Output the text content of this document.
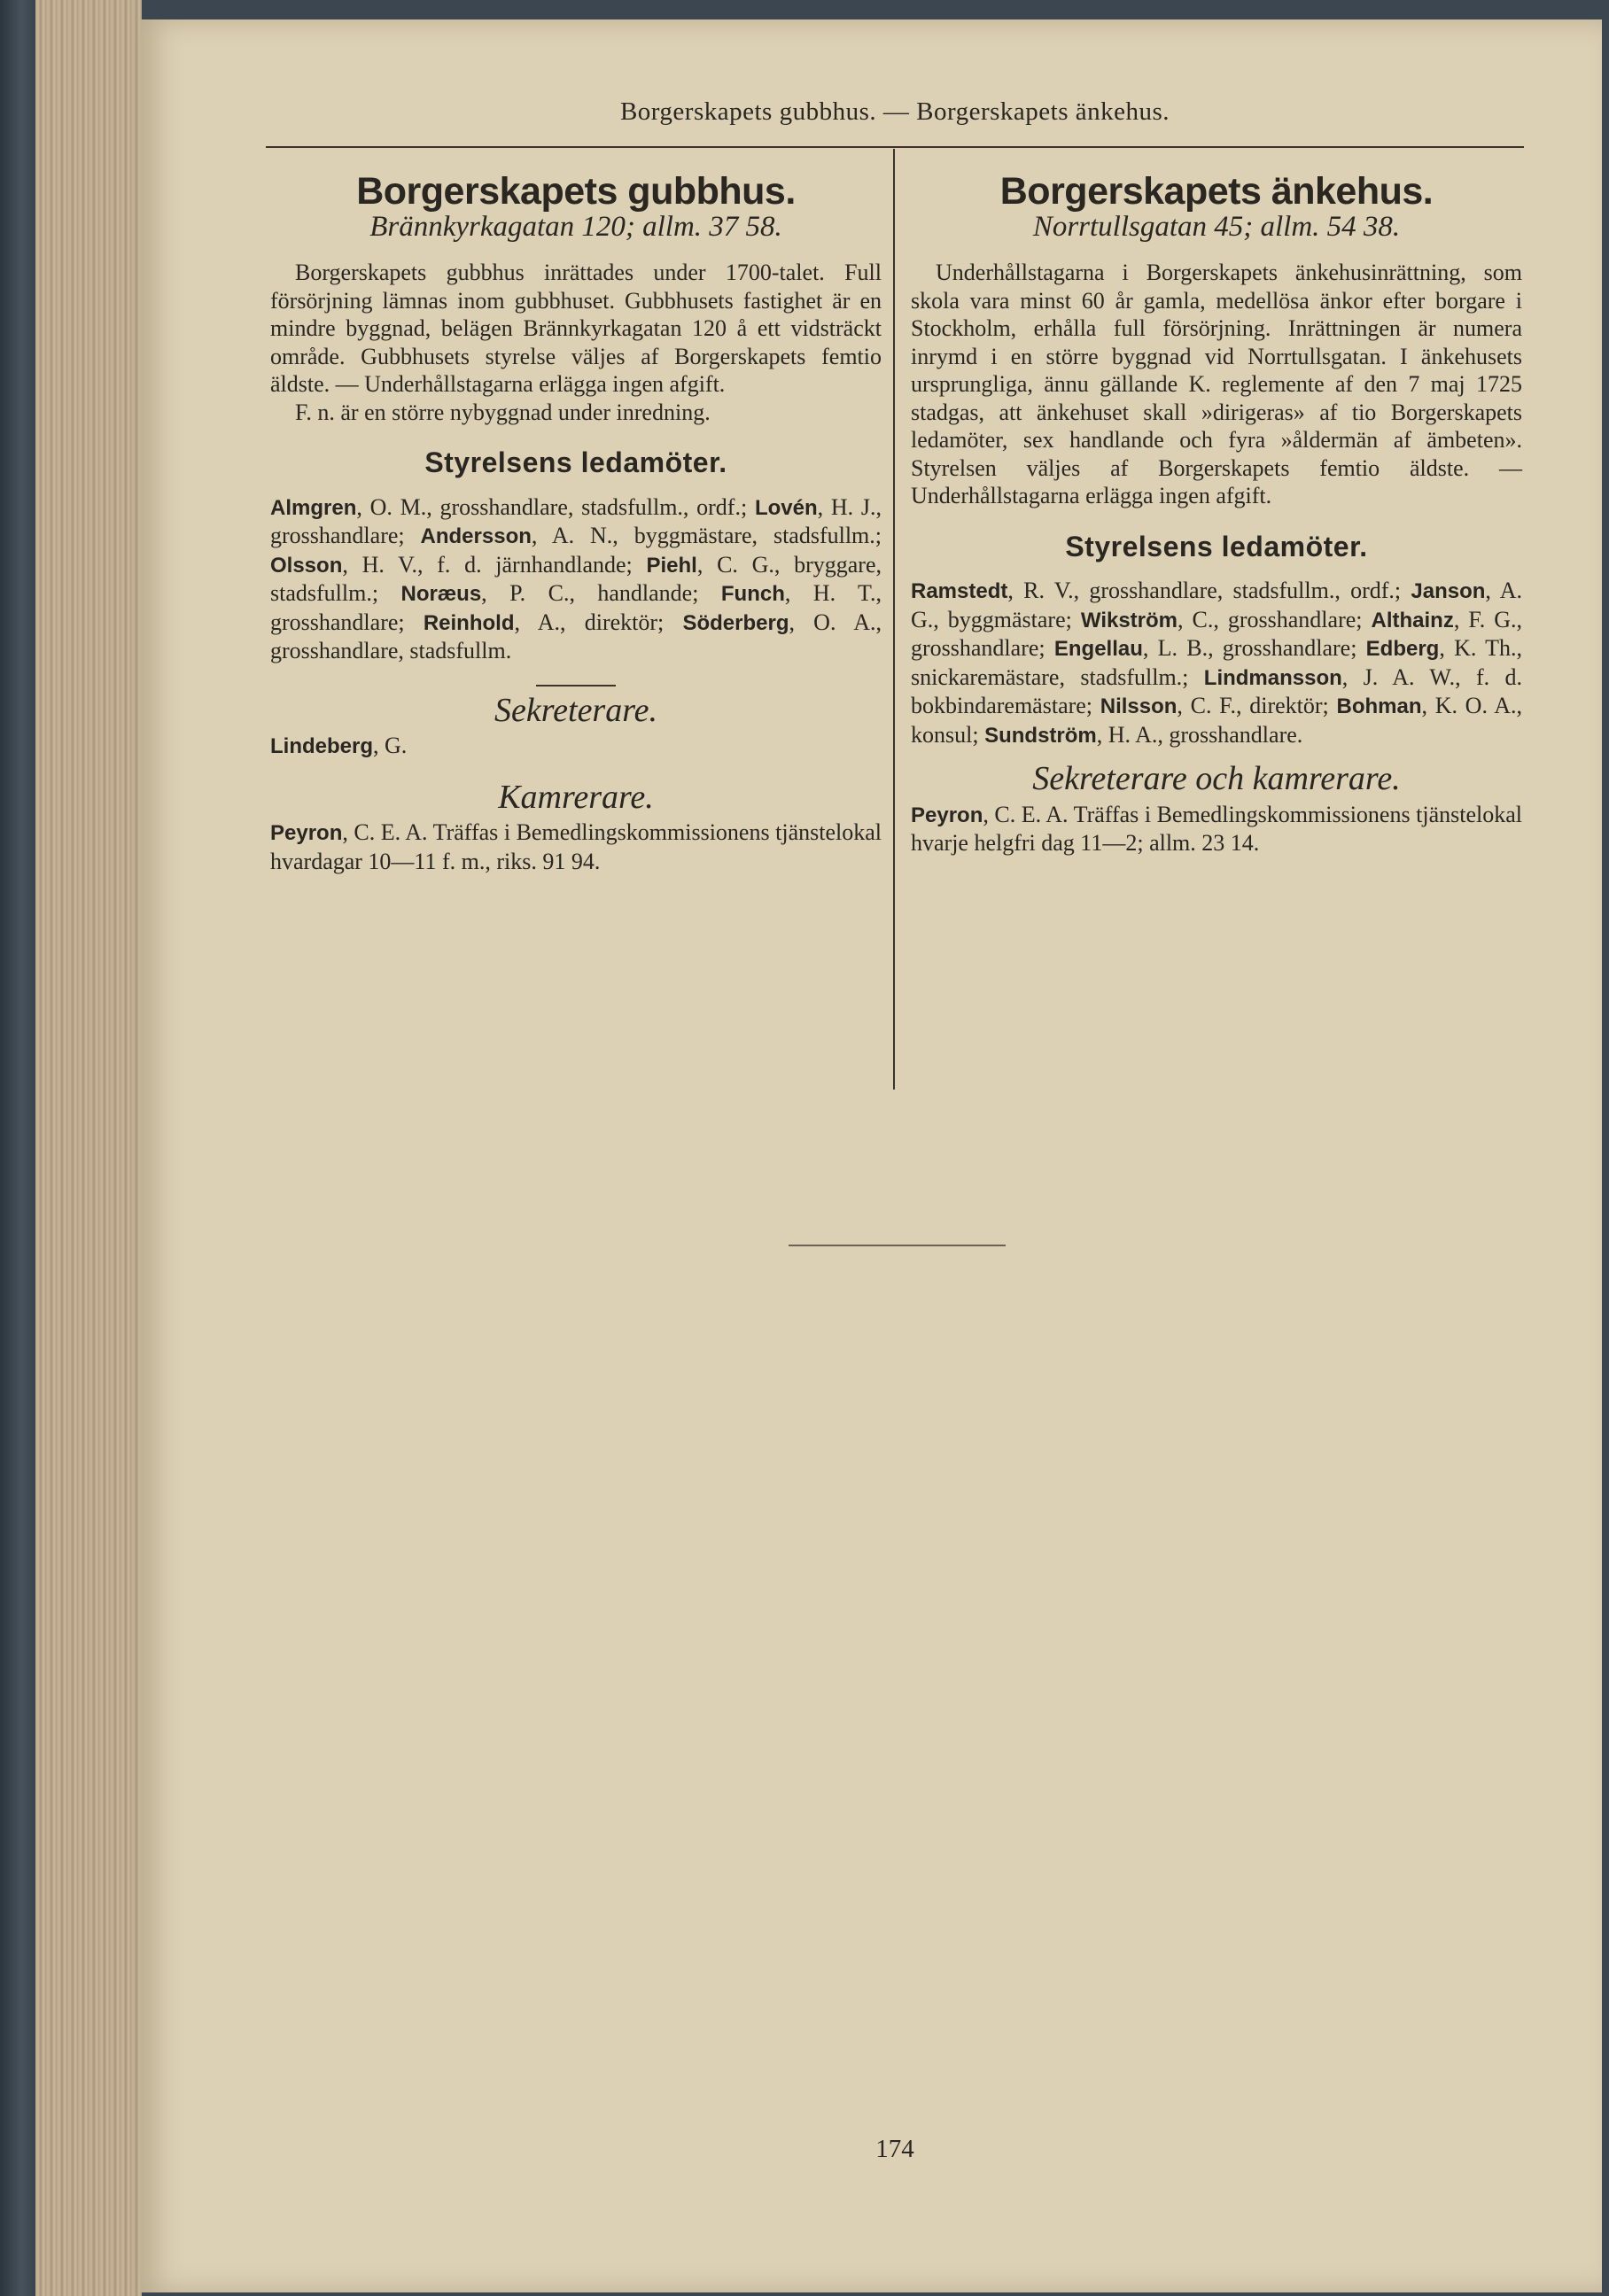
Borgerskapets gubbhus. — Borgerskapets änkehus.
Borgerskapets gubbhus.
Brännkyrkagatan 120; allm. 37 58.

Borgerskapets gubbhus inrättades under 1700-talet. Full försörjning lämnas inom gubbhuset. Gubbhusets fastighet är en mindre byggnad, belägen Brännkyrkagatan 120 å ett vidsträckt område. Gubbhusets styrelse väljes af Borgerskapets femtio äldste. — Underhållstagarna erlägga ingen afgift.

F. n. är en större nybyggnad under inredning.

Styrelsens ledamöter.

Almgren, O. M., grosshandlare, stadsfullm., ordf.; Lovén, H. J., grosshandlare; Andersson, A. N., byggmästare, stadsfullm.; Olsson, H. V., f. d. järnhandlande; Piehl, C. G., bryggare, stadsfullm.; Noræus, P. C., handlande; Funch, H. T., grosshandlare; Reinhold, A., direktör; Söderberg, O. A., grosshandlare, stadsfullm.

Sekreterare.

Lindeberg, G.

Kamrerare.

Peyron, C. E. A. Träffas i Bemedlingskommissionens tjänstelokal hvardagar 10—11 f. m., riks. 91 94.

Borgerskapets änkehus.
Norrtullsgatan 45; allm. 54 38.

Underhållstagarna i Borgerskapets änkehusinrättning, som skola vara minst 60 år gamla, medellösa änkor efter borgare i Stockholm, erhålla full försörjning. Inrättningen är numera inrymd i en större byggnad vid Norrtullsgatan. I änkehusets ursprungliga, ännu gällande K. reglemente af den 7 maj 1725 stadgas, att änkehuset skall »dirigeras» af tio Borgerskapets ledamöter, sex handlande och fyra »åldermän af ämbeten». Styrelsen väljes af Borgerskapets femtio äldste. — Underhållstagarna erlägga ingen afgift.

Styrelsens ledamöter.

Ramstedt, R. V., grosshandlare, stadsfullm., ordf.; Janson, A. G., byggmästare; Wikström, C., grosshandlare; Althainz, F. G., grosshandlare; Engellau, L. B., grosshandlare; Edberg, K. Th., snickaremästare, stadsfullm.; Lindmansson, J. A. W., f. d. bokbindaremästare; Nilsson, C. F., direktör; Bohman, K. O. A., konsul; Sundström, H. A., grosshandlare.

Sekreterare och kamrerare.

Peyron, C. E. A. Träffas i Bemedlingskommissionens tjänstelokal hvarje helgfri dag 11—2; allm. 23 14.

174
